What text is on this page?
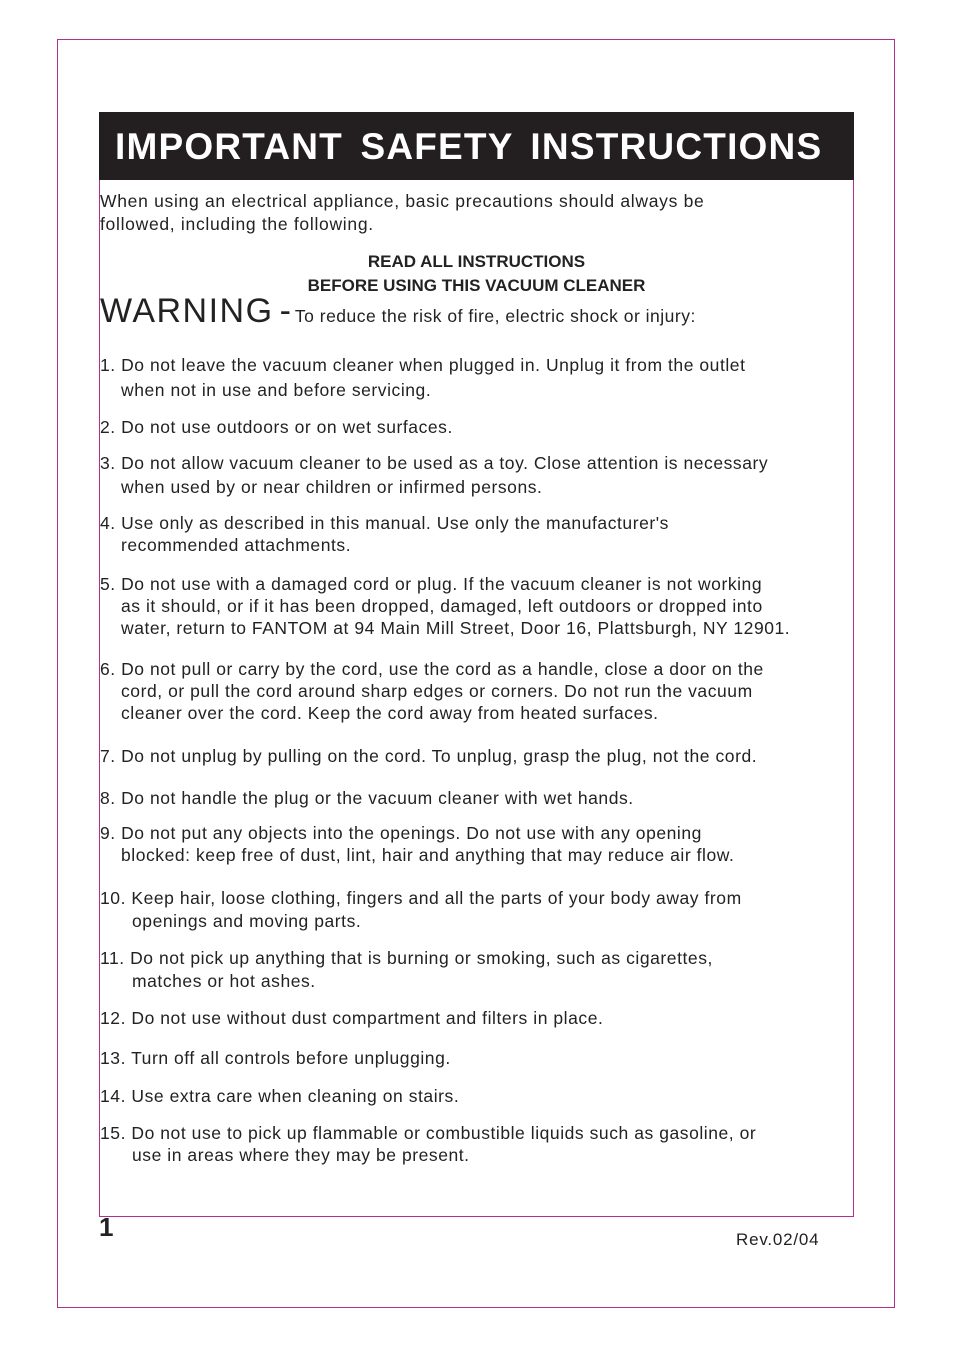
IMPORTANT SAFETY INSTRUCTIONS

When using an electrical appliance, basic precautions should always be
followed, including the following.

READ ALL INSTRUCTIONS
BEFORE USING THIS VACUUM CLEANER

WARNING - To reduce the risk of fire, electric shock or injury:

1. Do not leave the vacuum cleaner when plugged in. Unplug it from the outlet
when not in use and before servicing.
2. Do not use outdoors or on wet surfaces.
3. Do not allow vacuum cleaner to be used as a toy. Close attention is necessary
when used by or near children or infirmed persons.
4. Use only as described in this manual. Use only the manufacturer's
recommended attachments.
5. Do not use with a damaged cord or plug. If the vacuum cleaner is not working
as it should, or if it has been dropped, damaged, left outdoors or dropped into
water, return to FANTOM at 94 Main Mill Street, Door 16, Plattsburgh, NY 12901.
6. Do not pull or carry by the cord, use the cord as a handle, close a door on the
cord, or pull the cord around sharp edges or corners. Do not run the vacuum
cleaner over the cord. Keep the cord away from heated surfaces.
7. Do not unplug by pulling on the cord. To unplug, grasp the plug, not the cord.
8. Do not handle the plug or the vacuum cleaner with wet hands.
9. Do not put any objects into the openings. Do not use with any opening
blocked: keep free of dust, lint, hair and anything that may reduce air flow.
10. Keep hair, loose clothing, fingers and all the parts of your body away from
openings and moving parts.
11. Do not pick up anything that is burning or smoking, such as cigarettes,
matches or hot ashes.
12. Do not use without dust compartment and filters in place.
13. Turn off all controls before unplugging.
14. Use extra care when cleaning on stairs.
15. Do not use to pick up flammable or combustible liquids such as gasoline, or
use in areas where they may be present.

1	Rev.02/04
